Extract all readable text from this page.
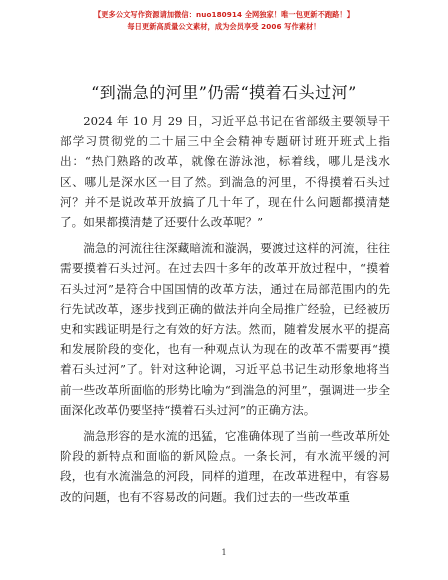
【更多公文写作资源请加微信：nuo180914 全网独家！唯一包更新不跑路！】
每日更新高质量公文素材，成为会员享受 2006 写作素材！
“到湍急的河里”仍需“摸着石头过河”

2024 年 10 月 29 日，习近平总书记在省部级主要领导干部学习贯彻党的二十届三中全会精神专题研讨班开班式上指出：“热门熟路的改革，就像在游泳池，标着线，哪儿是浅水区、哪儿是深水区一目了然。到湍急的河里，不得摸着石头过河？并不是说改革开放搞了几十年了，现在什么问题都摸清楚了。如果都摸清楚了还要什么改革呢？”

湍急的河流往往深藏暗流和漩涡，要渡过这样的河流，往往需要摸着石头过河。在过去四十多年的改革开放过程中，“摸着石头过河”是符合中国国情的改革方法，通过在局部范围内的先行先试改革，逐步找到正确的做法并向全局推广经验，已经被历史和实践证明是行之有效的好方法。然而，随着发展水平的提高和发展阶段的变化，也有一种观点认为现在的改革不需要再“摸着石头过河”了。针对这种论调，习近平总书记生动形象地将当前一些改革所面临的形势比喻为“到湍急的河里”，强调进一步全面深化改革仍要坚持“摸着石头过河”的正确方法。

湍急形容的是水流的迅猛，它准确体现了当前一些改革所处阶段的新特点和面临的新风险点。一条长河，有水流平缓的河段，也有水流湍急的河段，同样的道理，在改革进程中，有容易改的问题，也有不容易改的问题。我们过去的一些改革重

1
